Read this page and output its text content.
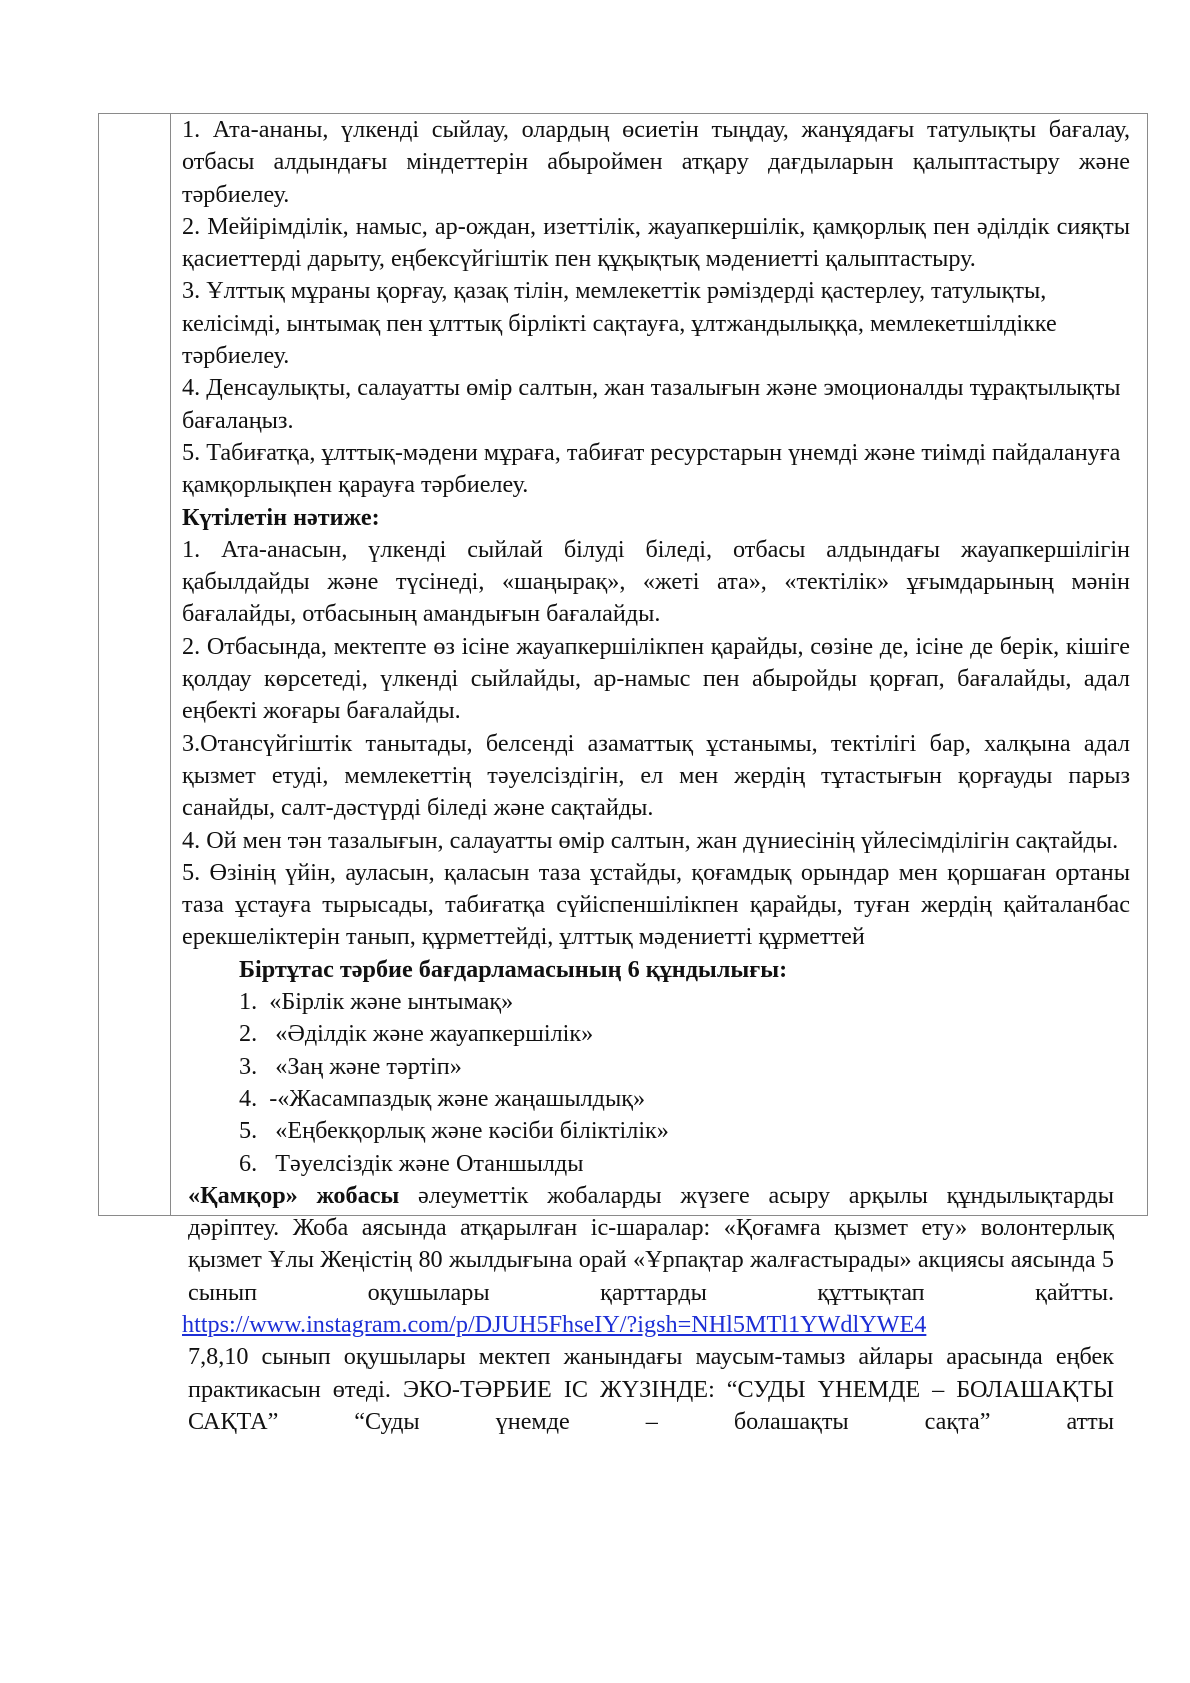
1. Ата-ананы, үлкенді сыйлау, олардың өсиетін тыңдау, жанұядағы татулықты бағалау, отбасы алдындағы міндеттерін абыроймен атқару дағдыларын қалыптастыру және тәрбиелеу.

2. Мейірімділік, намыс, ар-ождан, изеттілік, жауапкершілік, қамқорлық пен әділдік сияқты қасиеттерді дарыту, еңбексүйгіштік пен құқықтық мәдениетті қалыптастыру.

3. Ұлттық мұраны қорғау, қазақ тілін, мемлекеттік рәміздерді қастерлеу, татулықты, келісімді, ынтымақ пен ұлттық бірлікті сақтауға, ұлтжандылыққа, мемлекетшілдікке тәрбиелеу.

4. Денсаулықты, салауатты өмір салтын, жан тазалығын және эмоционалды тұрақтылықты бағалаңыз.

5. Табиғатқа, ұлттық-мәдени мұраға, табиғат ресурстарын үнемді және тиімді пайдалануға қамқорлықпен қарауға тәрбиелеу.

Күтілетін нәтиже:

1. Ата-анасын, үлкенді сыйлай білуді біледі, отбасы алдындағы жауапкершілігін қабылдайды және түсінеді, «шаңырақ», «жеті ата», «тектілік» ұғымдарының мәнін бағалайды, отбасының амандығын бағалайды.

2. Отбасында, мектепте өз ісіне жауапкершілікпен қарайды, сөзіне де, ісіне де берік, кішіге қолдау көрсетеді, үлкенді сыйлайды, ар-намыс пен абыройды қорғап, бағалайды, адал еңбекті жоғары бағалайды.

3.Отансүйгіштік танытады, белсенді азаматтық ұстанымы, тектілігі бар, халқына адал қызмет етуді, мемлекеттің тәуелсіздігін, ел мен жердің тұтастығын қорғауды парыз санайды, салт-дәстүрді біледі және сақтайды.

4. Ой мен тән тазалығын, салауатты өмір салтын, жан дүниесінің үйлесімділігін сақтайды.

5. Өзінің үйін, ауласын, қаласын таза ұстайды, қоғамдық орындар мен қоршаған ортаны таза ұстауға тырысады, табиғатқа сүйіспеншілікпен қарайды, туған жердің қайталанбас ерекшеліктерін танып, құрметтейді, ұлттық мәдениетті құрметтей

Біртұтас тәрбие бағдарламасының 6 құндылығы:

1.  «Бірлік және ынтымақ»
2.   «Әділдік және жауапкершілік»
3.   «Заң және тәртіп»
4.  -«Жасампаздық және жаңашылдық»
5.   «Еңбекқорлық және кәсіби біліктілік»
6.   Тәуелсіздік және Отаншылды

«Қамқор» жобасы әлеуметтік жобаларды жүзеге асыру арқылы құндылықтарды дәріптеу. Жоба аясында атқарылған іс-шаралар: «Қоғамға қызмет ету» волонтерлық қызмет Ұлы Жеңістің 80 жылдығына орай «Ұрпақтар жалғастырады» акциясы аясында 5 сынып оқушылары қарттарды құттықтап қайтты.

https://www.instagram.com/p/DJUH5FhseIY/?igsh=NHl5MTl1YWdlYWE4

7,8,10 сынып оқушылары мектеп жанындағы маусым-тамыз айлары арасында еңбек практикасын өтеді. ЭКО-ТӘРБИЕ ІС ЖҮЗІНДЕ: “СУДЫ ҮНЕМДЕ – БОЛАШАҚТЫ САҚТА” “Суды үнемде – болашақты сақта” атты
